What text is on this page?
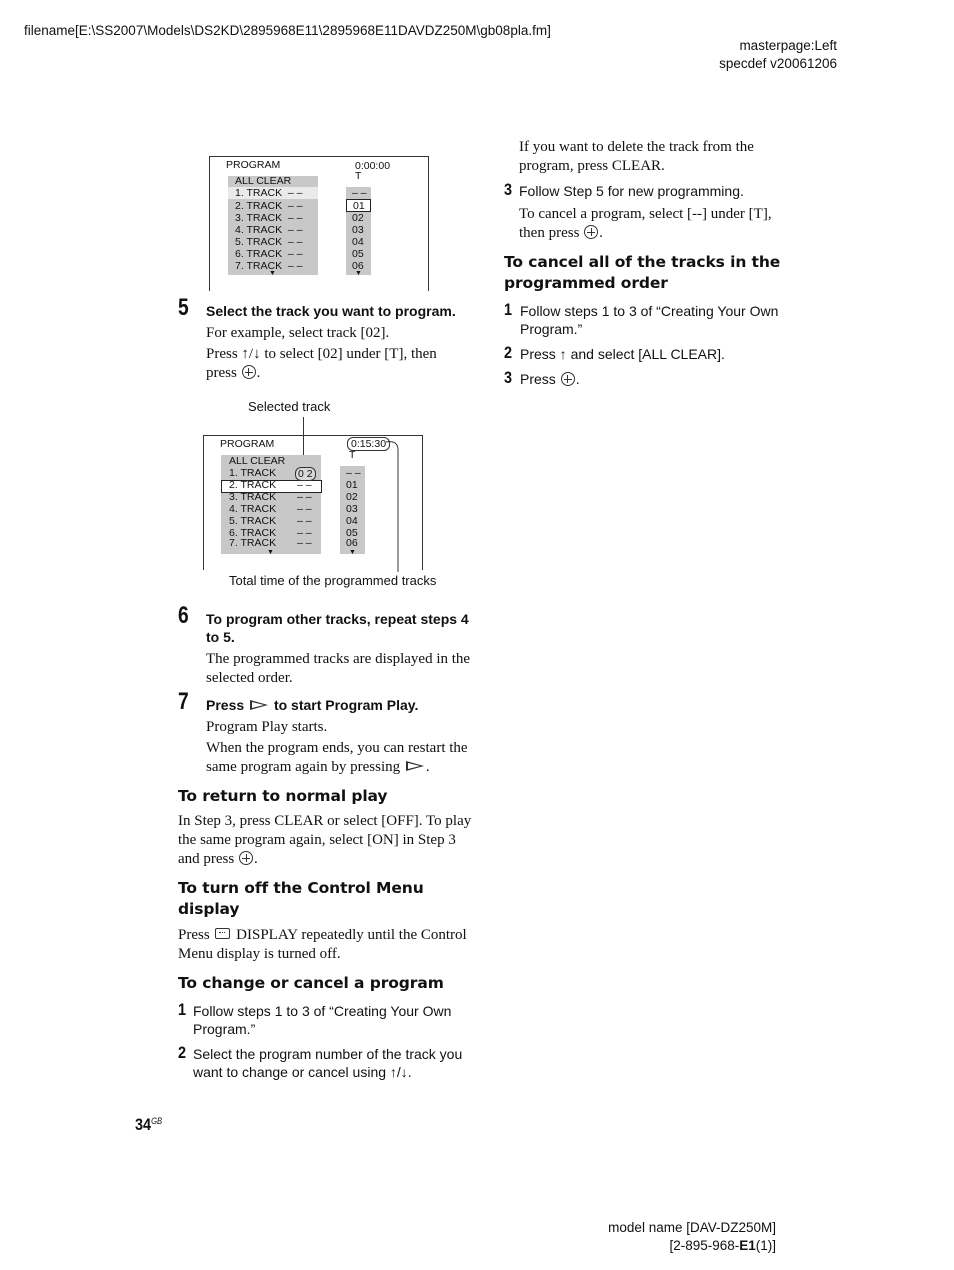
filename[E:\SS2007\Models\DS2KD\2895968E11\2895968E11DAVDZ250M\gb08pla.fm]
masterpage:Left
specdef v20061206
PROGRAM	0:00:00
T
ALL CLEAR
1. TRACK – –
2. TRACK – –
3. TRACK – –
4. TRACK – –
5. TRACK – –
6. TRACK – –
7. TRACK – –
▼
– –
01
02
03
04
05
06
▼
5 Select the track you want to program.
For example, select track [02].
Press ↑/↓ to select [02] under [T], then
press .
Selected track
PROGRAM	0:15:30
T
ALL CLEAR
1. TRACK
2. TRACK
3. TRACK
4. TRACK
5. TRACK
6. TRACK
7. TRACK
0 2
– –
– –
– –
– –
– –
– –
▼
– –
01
02
03
04
05
06
▼
Total time of the programmed tracks
6 To program other tracks, repeat steps 4
to 5.
The programmed tracks are displayed in the
selected order.
7 Press to start Program Play.
Program Play starts.
When the program ends, you can restart the
same program again by pressing .
To return to normal play
In Step 3, press CLEAR or select [OFF]. To play
the same program again, select [ON] in Step 3
and press .
To turn off the Control Menu
display
Press DISPLAY repeatedly until the Control
Menu display is turned off.
To change or cancel a program
1 Follow steps 1 to 3 of “Creating Your Own
Program.”
2 Select the program number of the track you
want to change or cancel using ↑/↓.
If you want to delete the track from the
program, press CLEAR.
3 Follow Step 5 for new programming.
To cancel a program, select [--] under [T],
then press .
To cancel all of the tracks in the
programmed order
1 Follow steps 1 to 3 of “Creating Your Own
Program.”
2 Press ↑ and select [ALL CLEAR].
3 Press .
$34^{GB}$
model name [DAV-DZ250M]
[2-895-968-E1(1)]
